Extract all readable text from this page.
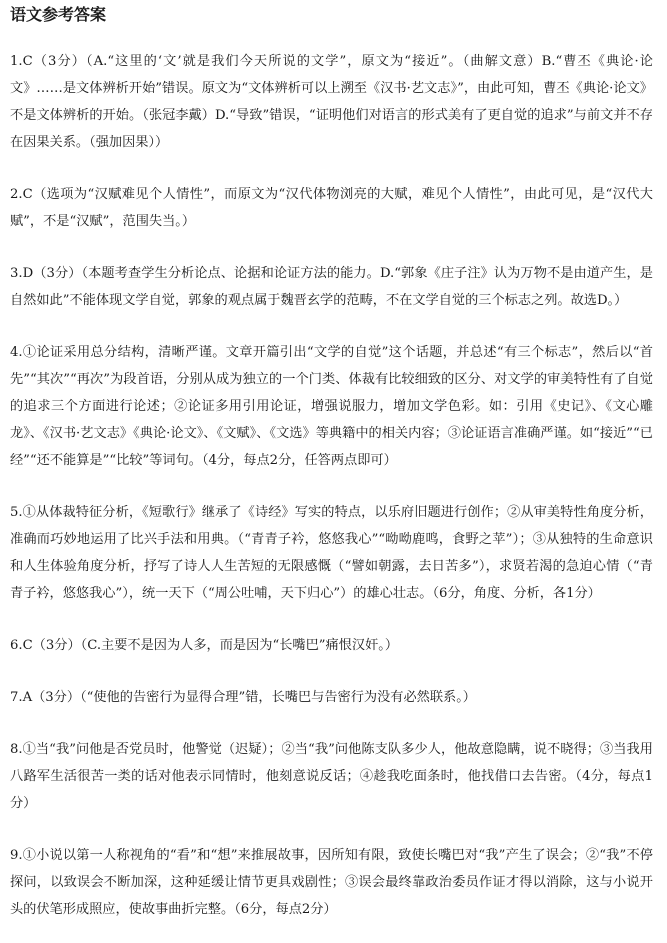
语文参考答案
1.C（3分）（A.“这里的‘文’就是我们今天所说的文学”，原文为“接近”。（曲解文意）B.“曹丕《典论·论文》……是文体辨析开始”错误。原文为“文体辨析可以上溯至《汉书·艺文志》”，由此可知，曹丕《典论·论文》不是文体辨析的开始。（张冠李戴）D.“导致”错误，“证明他们对语言的形式美有了更自觉的追求”与前文并不存在因果关系。（强加因果））
2.C（选项为“汉赋难见个人情性”，而原文为“汉代体物浏亮的大赋，难见个人情性”，由此可见，是“汉代大赋”，不是“汉赋”，范围失当。）
3.D（3分）（本题考查学生分析论点、论据和论证方法的能力。D.“郭象《庄子注》认为万物不是由道产生，是自然如此”不能体现文学自觉，郭象的观点属于魏晋玄学的范畴，不在文学自觉的三个标志之列。故选D。）
4.①论证采用总分结构，清晰严谨。文章开篇引出“文学的自觉”这个话题，并总述“有三个标志”，然后以“首先”“其次”“再次”为段首语，分别从成为独立的一个门类、体裁有比较细致的区分、对文学的审美特性有了自觉的追求三个方面进行论述；②论证多用引用论证，增强说服力，增加文学色彩。如：引用《史记》、《文心雕龙》、《汉书·艺文志》《典论·论文》、《文赋》、《文选》等典籍中的相关内容；③论证语言准确严谨。如“接近”“已经”“还不能算是”“比较”等词句。（4分，每点2分，任答两点即可）
5.①从体裁特征分析，《短歌行》继承了《诗经》写实的特点，以乐府旧题进行创作；②从审美特性角度分析，准确而巧妙地运用了比兴手法和用典。（“青青子衿，悠悠我心”“呦呦鹿鸣，食野之苹”）；③从独特的生命意识和人生体验角度分析，抒写了诗人人生苦短的无限感慨（“譬如朝露，去日苦多”），求贤若渴的急迫心情（“青青子衿，悠悠我心”），统一天下（“周公吐哺，天下归心”）的雄心壮志。（6分，角度、分析，各1分）
6.C（3分）（C.主要不是因为人多，而是因为“长嘴巴”痛恨汉奸。）
7.A（3分）（“使他的告密行为显得合理”错，长嘴巴与告密行为没有必然联系。）
8.①当“我”问他是否党员时，他警觉（迟疑）；②当“我”问他陈支队多少人，他故意隐瞒，说不晓得；③当我用八路军生活很苦一类的话对他表示同情时，他刻意说反话；④趁我吃面条时，他找借口去告密。（4分，每点1分）
9.①小说以第一人称视角的“看”和“想”来推展故事，因所知有限，致使长嘴巴对“我”产生了误会；②“我”不停探问，以致误会不断加深，这种延缓让情节更具戏剧性；③误会最终靠政治委员作证才得以消除，这与小说开头的伏笔形成照应，使故事曲折完整。（6分，每点2分）
